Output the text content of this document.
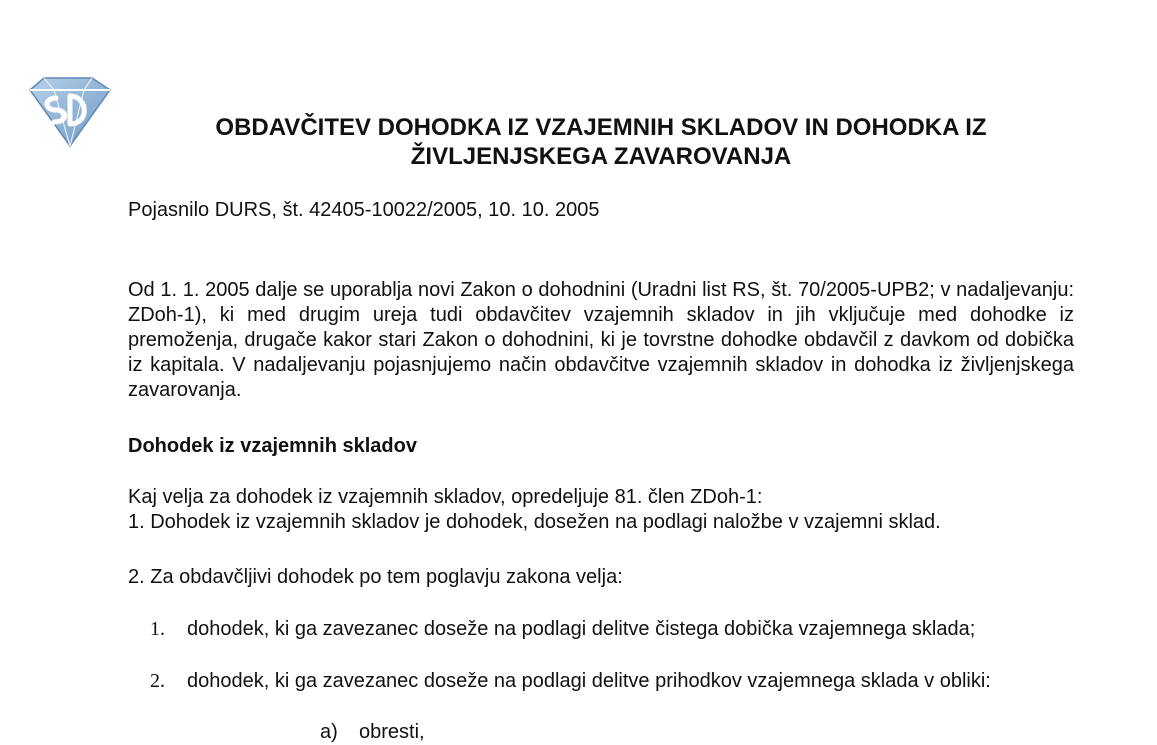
OBDAVČITEV DOHODKA IZ VZAJEMNIH SKLADOV IN DOHODKA IZ
ŽIVLJENJSKEGA ZAVAROVANJA

Pojasnilo DURS, št. 42405-10022/2005, 10. 10. 2005

Od 1. 1. 2005 dalje se uporablja novi Zakon o dohodnini (Uradni list RS, št. 70/2005-UPB2; v nadaljevanju: ZDoh-1), ki med drugim ureja tudi obdavčitev vzajemnih skladov in jih vključuje med dohodke iz premoženja, drugače kakor stari Zakon o dohodnini, ki je tovrstne dohodke obdavčil z davkom od dobička iz kapitala. V nadaljevanju pojasnjujemo način obdavčitve vzajemnih skladov in dohodka iz življenjskega zavarovanja.

Dohodek iz vzajemnih skladov

Kaj velja za dohodek iz vzajemnih skladov, opredeljuje 81. člen ZDoh-1:

1. Dohodek iz vzajemnih skladov je dohodek, dosežen na podlagi naložbe v vzajemni sklad.

2. Za obdavčljivi dohodek po tem poglavju zakona velja:

1.	dohodek, ki ga zavezanec doseže na podlagi delitve čistega dobička vzajemnega sklada;
2.	dohodek, ki ga zavezanec doseže na podlagi delitve prihodkov vzajemnega sklada v obliki:
a) obresti,
